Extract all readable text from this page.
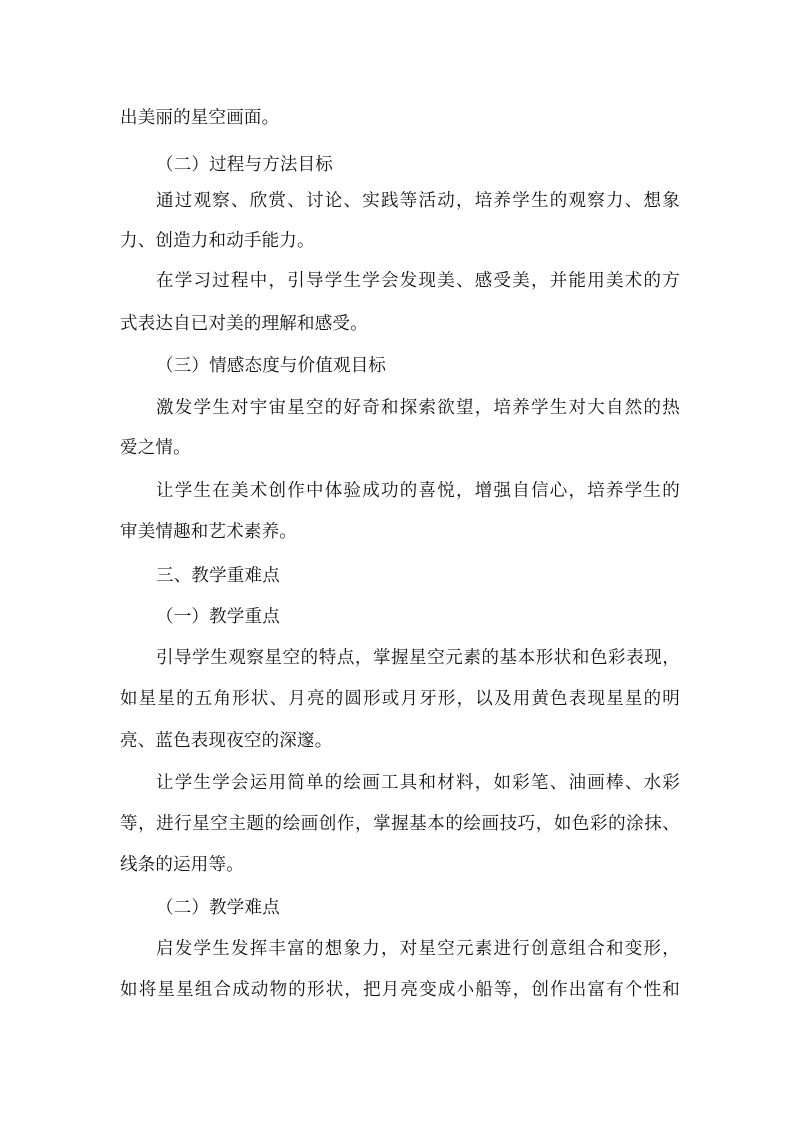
出美丽的星空画面。
（二）过程与方法目标
通过观察、欣赏、讨论、实践等活动，培养学生的观察力、想象
力、创造力和动手能力。
在学习过程中，引导学生学会发现美、感受美，并能用美术的方
式表达自已对美的理解和感受。
（三）情感态度与价值观目标
激发学生对宇宙星空的好奇和探索欲望，培养学生对大自然的热
爱之情。
让学生在美术创作中体验成功的喜悦，增强自信心，培养学生的
审美情趣和艺术素养。
三、教学重难点
（一）教学重点
引导学生观察星空的特点，掌握星空元素的基本形状和色彩表现，
如星星的五角形状、月亮的圆形或月牙形，以及用黄色表现星星的明
亮、蓝色表现夜空的深邃。
让学生学会运用简单的绘画工具和材料，如彩笔、油画棒、水彩
等，进行星空主题的绘画创作，掌握基本的绘画技巧，如色彩的涂抹、
线条的运用等。
（二）教学难点
启发学生发挥丰富的想象力，对星空元素进行创意组合和变形，
如将星星组合成动物的形状，把月亮变成小船等，创作出富有个性和
